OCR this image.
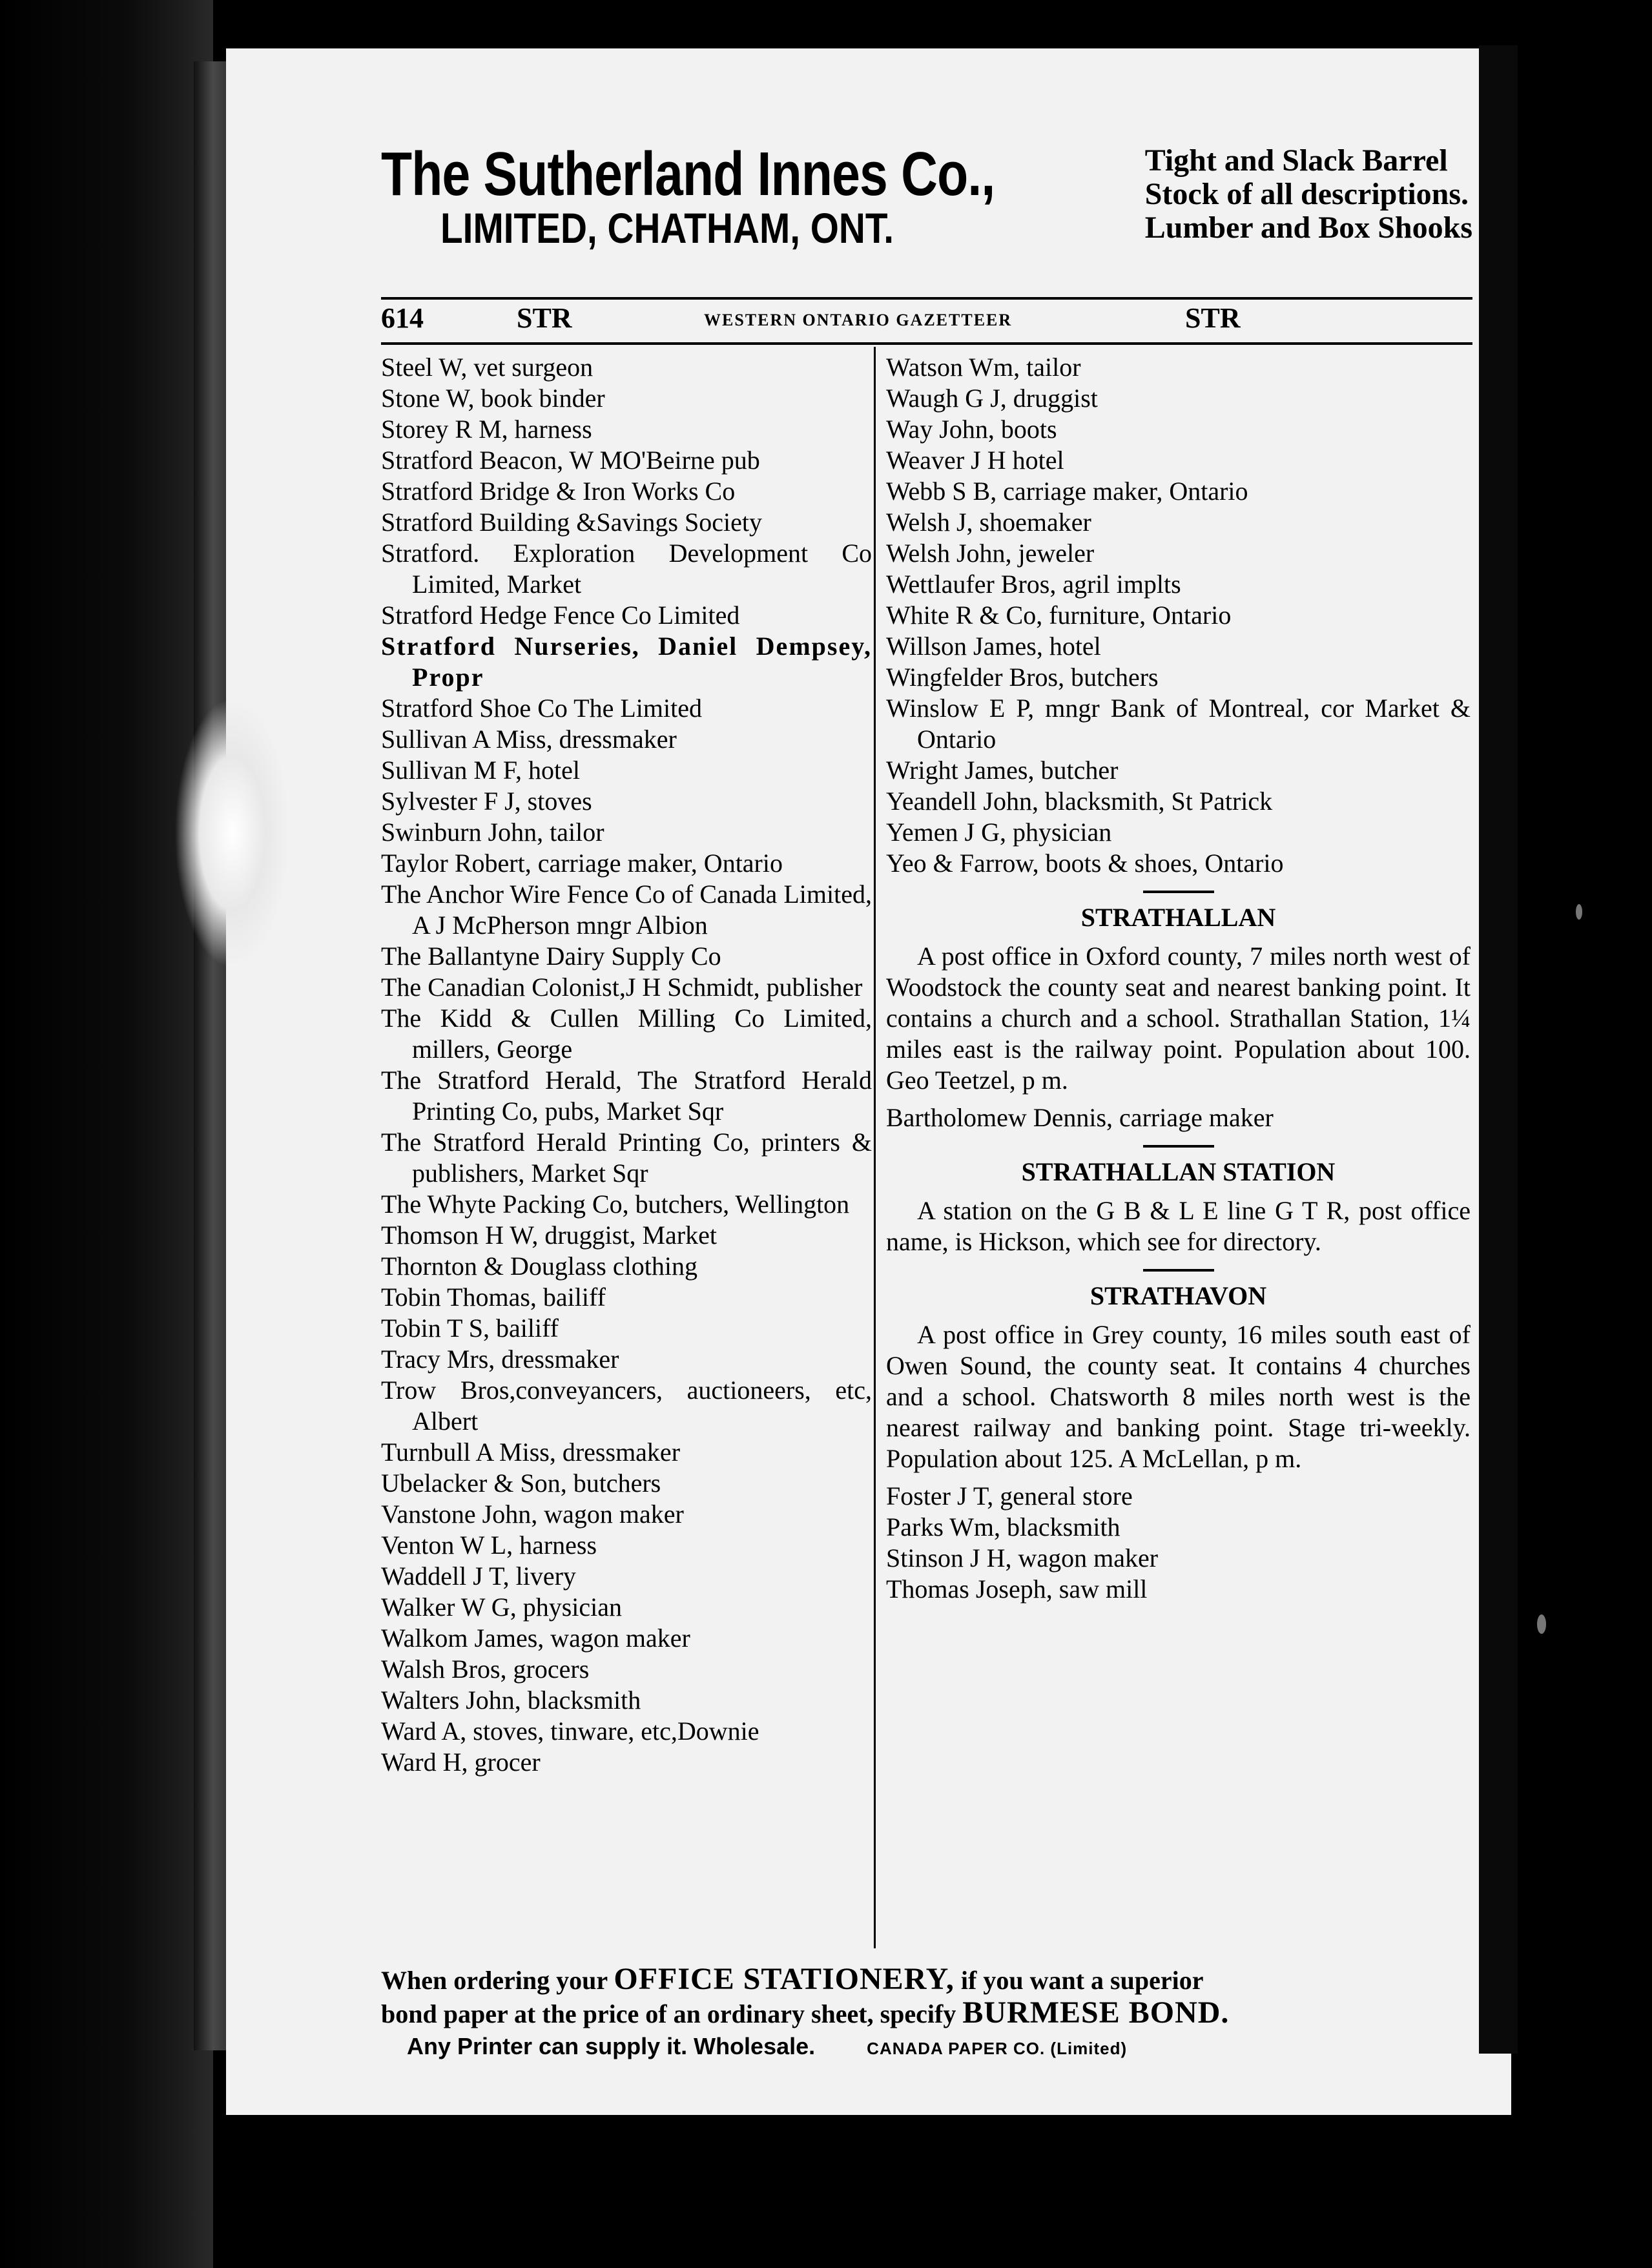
The Sutherland Innes Co.,
LIMITED, CHATHAM, ONT.
Tight and Slack Barrel
Stock of all descriptions.
Lumber and Box Shooks
614	STR	WESTERN ONTARIO GAZETTEER	STR

Steel W, vet surgeon

Stone W, book binder

Storey R M, harness

Stratford Beacon, W MO'Beirne pub

Stratford Bridge & Iron Works Co

Stratford Building &Savings Society

Stratford. Exploration Development Co Limited, Market

Stratford Hedge Fence Co Limited

Stratford Nurseries, Daniel Dempsey, Propr

Stratford Shoe Co The Limited

Sullivan A Miss, dressmaker

Sullivan M F, hotel

Sylvester F J, stoves

Swinburn John, tailor

Taylor Robert, carriage maker, Ontario

The Anchor Wire Fence Co of Canada Limited, A J McPherson mngr Albion

The Ballantyne Dairy Supply Co

The Canadian Colonist,J H Schmidt, publisher

The Kidd & Cullen Milling Co Limited, millers, George

The Stratford Herald, The Stratford Herald Printing Co, pubs, Market Sqr

The Stratford Herald Printing Co, printers & publishers, Market Sqr

The Whyte Packing Co, butchers, Wellington

Thomson H W, druggist, Market

Thornton & Douglass clothing

Tobin Thomas, bailiff

Tobin T S, bailiff

Tracy Mrs, dressmaker

Trow Bros,conveyancers, auctioneers, etc, Albert

Turnbull A Miss, dressmaker

Ubelacker & Son, butchers

Vanstone John, wagon maker

Venton W L, harness

Waddell J T, livery

Walker W G, physician

Walkom James, wagon maker

Walsh Bros, grocers

Walters John, blacksmith

Ward A, stoves, tinware, etc,Downie

Ward H, grocer

Watson Wm, tailor

Waugh G J, druggist

Way John, boots

Weaver J H hotel

Webb S B, carriage maker, Ontario

Welsh J, shoemaker

Welsh John, jeweler

Wettlaufer Bros, agril implts

White R & Co, furniture, Ontario

Willson James, hotel

Wingfelder Bros, butchers

Winslow E P, mngr Bank of Montreal, cor Market & Ontario

Wright James, butcher

Yeandell John, blacksmith, St Patrick

Yemen J G, physician

Yeo & Farrow, boots & shoes, Ontario

STRATHALLAN

A post office in Oxford county, 7 miles north west of Woodstock the county seat and nearest banking point. It contains a church and a school. Strathallan Station, 1¼ miles east is the railway point. Population about 100. Geo Teetzel, p m.

Bartholomew Dennis, carriage maker

STRATHALLAN STATION

A station on the G B & L E line G T R, post office name, is Hickson, which see for directory.

STRATHAVON

A post office in Grey county, 16 miles south east of Owen Sound, the county seat. It contains 4 churches and a school. Chatsworth 8 miles north west is the nearest railway and banking point. Stage tri-weekly. Population about 125. A McLellan, p m.

Foster J T, general store

Parks Wm, blacksmith

Stinson J H, wagon maker

Thomas Joseph, saw mill

When ordering your OFFICE STATIONERY, if you want a superior
bond paper at the price of an ordinary sheet, specify BURMESE BOND.
Any Printer can supply it. Wholesale.	CANADA PAPER CO. (Limited)
